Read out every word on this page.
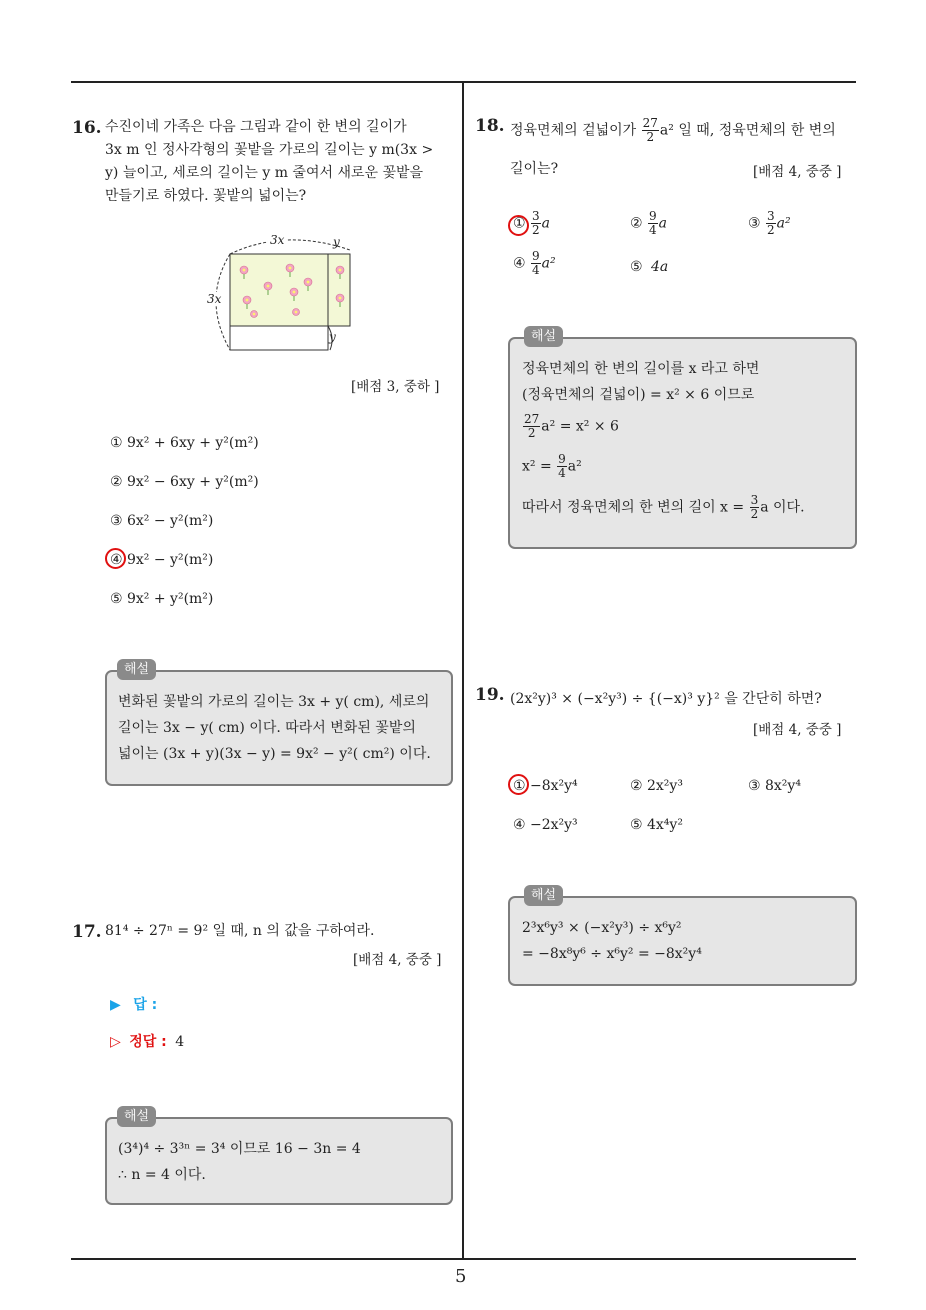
5
16. 수진이네 가족은 다음 그림과 같이 한 변의 길이가
3x m 인 정사각형의 꽃밭을 가로의 길이는 y m(3x >
y) 늘이고, 세로의 길이는 y m 줄여서 새로운 꽃밭을
만들기로 하였다. 꽃밭의 넓이는?
3x	y
3x
y
[배점 3, 중하 ]
① 9x² + 6xy + y²(m²)
② 9x² − 6xy + y²(m²)
③ 6x² − y²(m²)
④ 9x² − y²(m²)
⑤ 9x² + y²(m²)
해설
변화된 꽃밭의 가로의 길이는 3x + y( cm), 세로의
길이는 3x − y( cm) 이다. 따라서 변화된 꽃밭의
넓이는 (3x + y)(3x − y) = 9x² − y²( cm²) 이다.
17. 81⁴ ÷ 27ⁿ = 9² 일 때, n 의 값을 구하여라.
[배점 4, 중중 ]
▶ 답 :
▷ 정답 : 4
해설
(3⁴)⁴ ÷ 3³ⁿ = 3⁴ 이므로 16 − 3n = 4
∴ n = 4 이다.
18. 정육면체의 겉넓이가 $\frac{27}{2} a^2$ 일 때, 정육면체의 한 변의
길이는?	[배점 4, 중중 ]
① $\frac{3}{2}$ a	② $\frac{9}{4}$ a	③ $\frac{3}{2} a^2$
④ $\frac{9}{4} a^2$	⑤ 4a
해설
정육면체의 한 변의 길이를 x 라고 하면
(정육면체의 겉넓이) = x² × 6 이므로
$\frac{27}{2} a^2 = x^2 \times 6$
$x^2 = \frac{9}{4} a^2$
따라서 정육면체의 한 변의 길이 $x = \frac{3}{2}$ a 이다.
19. (2x²y)³ × (−x²y³) ÷ {(−x)³ y}² 을 간단히 하면?
[배점 4, 중중 ]
① −8x²y⁴	② 2x²y³	③ 8x²y⁴
④ −2x²y³	⑤ 4x⁴y²
해설
2³x⁶y³ × (−x²y³) ÷ x⁶y²
= −8x⁸y⁶ ÷ x⁶y² = −8x²y⁴
